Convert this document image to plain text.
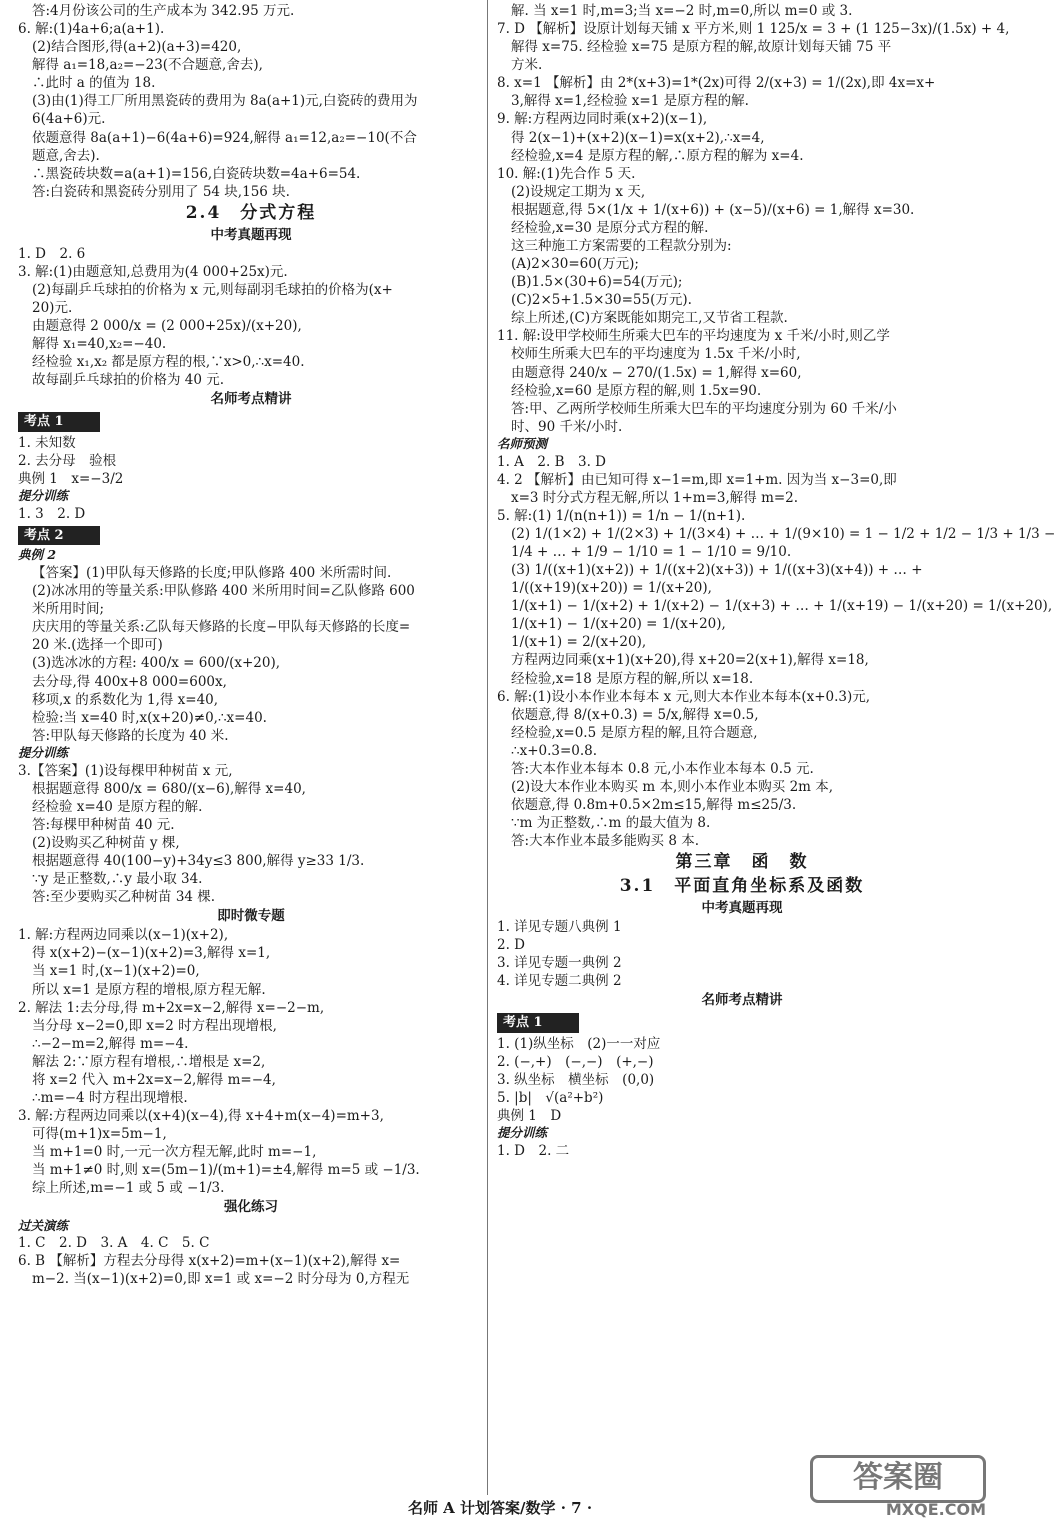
答:4月份该公司的生产成本为 342.95 万元.
6. 解:(1)4a+6;a(a+1).
(2)结合图形,得(a+2)(a+3)=420,
解得 a₁=18,a₂=−23(不合题意,舍去),
∴此时 a 的值为 18.
(3)由(1)得工厂所用黑瓷砖的费用为 8a(a+1)元,白瓷砖的费用为
6(4a+6)元.
依题意得 8a(a+1)−6(4a+6)=924,解得 a₁=12,a₂=−10(不合
题意,舍去).
∴黑瓷砖块数=a(a+1)=156,白瓷砖块数=4a+6=54.
答:白瓷砖和黑瓷砖分别用了 54 块,156 块.
2.4　分式方程
中考真题再现
1. D　2. 6
3. 解:(1)由题意知,总费用为(4 000+25x)元.
(2)每副乒乓球拍的价格为 x 元,则每副羽毛球拍的价格为(x+
20)元.
由题意得 2 000/x = (2 000+25x)/(x+20),
解得 x₁=40,x₂=−40.
经检验 x₁,x₂ 都是原方程的根,∵x>0,∴x=40.
故每副乒乓球拍的价格为 40 元.
名师考点精讲
考点 1

1. 未知数
2. 去分母　验根
典例 1　x=−3/2
提分训练
1. 3　2. D
考点 2

典例 2
【答案】(1)甲队每天修路的长度;甲队修路 400 米所需时间.
(2)冰冰用的等量关系:甲队修路 400 米所用时间=乙队修路 600
米所用时间;
庆庆用的等量关系:乙队每天修路的长度−甲队每天修路的长度=
20 米.(选择一个即可)
(3)选冰冰的方程: 400/x = 600/(x+20),
去分母,得 400x+8 000=600x,
移项,x 的系数化为 1,得 x=40,
检验:当 x=40 时,x(x+20)≠0,∴x=40.
答:甲队每天修路的长度为 40 米.
提分训练
3.【答案】(1)设每棵甲种树苗 x 元,
根据题意得 800/x = 680/(x−6),解得 x=40,
经检验 x=40 是原方程的解.
答:每棵甲种树苗 40 元.
(2)设购买乙种树苗 y 棵,
根据题意得 40(100−y)+34y≤3 800,解得 y≥33 1/3.
∵y 是正整数,∴y 最小取 34.
答:至少要购买乙种树苗 34 棵.
即时微专题
1. 解:方程两边同乘以(x−1)(x+2),
得 x(x+2)−(x−1)(x+2)=3,解得 x=1,
当 x=1 时,(x−1)(x+2)=0,
所以 x=1 是原方程的增根,原方程无解.
2. 解法 1:去分母,得 m+2x=x−2,解得 x=−2−m,
当分母 x−2=0,即 x=2 时方程出现增根,
∴−2−m=2,解得 m=−4.
解法 2:∵原方程有增根,∴增根是 x=2,
将 x=2 代入 m+2x=x−2,解得 m=−4,
∴m=−4 时方程出现增根.
3. 解:方程两边同乘以(x+4)(x−4),得 x+4+m(x−4)=m+3,
可得(m+1)x=5m−1,
当 m+1=0 时,一元一次方程无解,此时 m=−1,
当 m+1≠0 时,则 x=(5m−1)/(m+1)=±4,解得 m=5 或 −1/3.
综上所述,m=−1 或 5 或 −1/3.
强化练习
过关演练
1. C　2. D　3. A　4. C　5. C
6. B 【解析】方程去分母得 x(x+2)=m+(x−1)(x+2),解得 x=
m−2. 当(x−1)(x+2)=0,即 x=1 或 x=−2 时分母为 0,方程无
解. 当 x=1 时,m=3;当 x=−2 时,m=0,所以 m=0 或 3.
7. D 【解析】设原计划每天铺 x 平方米,则 1 125/x = 3 + (1 125−3x)/(1.5x) + 4,
解得 x=75. 经检验 x=75 是原方程的解,故原计划每天铺 75 平
方米.
8. x=1 【解析】由 2*(x+3)=1*(2x)可得 2/(x+3) = 1/(2x),即 4x=x+
3,解得 x=1,经检验 x=1 是原方程的解.
9. 解:方程两边同时乘(x+2)(x−1),
得 2(x−1)+(x+2)(x−1)=x(x+2),∴x=4,
经检验,x=4 是原方程的解,∴原方程的解为 x=4.
10. 解:(1)先合作 5 天.
(2)设规定工期为 x 天,
根据题意,得 5×(1/x + 1/(x+6)) + (x−5)/(x+6) = 1,解得 x=30.
经检验,x=30 是原分式方程的解.
这三种施工方案需要的工程款分别为:
(A)2×30=60(万元);
(B)1.5×(30+6)=54(万元);
(C)2×5+1.5×30=55(万元).
综上所述,(C)方案既能如期完工,又节省工程款.
11. 解:设甲学校师生所乘大巴车的平均速度为 x 千米/小时,则乙学
校师生所乘大巴车的平均速度为 1.5x 千米/小时,
由题意得 240/x − 270/(1.5x) = 1,解得 x=60,
经检验,x=60 是原方程的解,则 1.5x=90.
答:甲、乙两所学校师生所乘大巴车的平均速度分别为 60 千米/小
时、90 千米/小时.
名师预测
1. A　2. B　3. D
4. 2 【解析】由已知可得 x−1=m,即 x=1+m. 因为当 x−3=0,即
x=3 时分式方程无解,所以 1+m=3,解得 m=2.
5. 解:(1) 1/(n(n+1)) = 1/n − 1/(n+1).
(2) 1/(1×2) + 1/(2×3) + 1/(3×4) + … + 1/(9×10) = 1 − 1/2 + 1/2 − 1/3 + 1/3 −
1/4 + … + 1/9 − 1/10 = 1 − 1/10 = 9/10.
(3) 1/((x+1)(x+2)) + 1/((x+2)(x+3)) + 1/((x+3)(x+4)) + … +
1/((x+19)(x+20)) = 1/(x+20),
1/(x+1) − 1/(x+2) + 1/(x+2) − 1/(x+3) + … + 1/(x+19) − 1/(x+20) = 1/(x+20),
1/(x+1) − 1/(x+20) = 1/(x+20),
1/(x+1) = 2/(x+20),
方程两边同乘(x+1)(x+20),得 x+20=2(x+1),解得 x=18,
经检验,x=18 是原方程的解,所以 x=18.
6. 解:(1)设小本作业本每本 x 元,则大本作业本每本(x+0.3)元,
依题意,得 8/(x+0.3) = 5/x,解得 x=0.5,
经检验,x=0.5 是原方程的解,且符合题意,
∴x+0.3=0.8.
答:大本作业本每本 0.8 元,小本作业本每本 0.5 元.
(2)设大本作业本购买 m 本,则小本作业本购买 2m 本,
依题意,得 0.8m+0.5×2m≤15,解得 m≤25/3.
∵m 为正整数,∴m 的最大值为 8.
答:大本作业本最多能购买 8 本.
第三章　函　数
3.1　平面直角坐标系及函数
中考真题再现
1. 详见专题八典例 1
2. D
3. 详见专题一典例 2
4. 详见专题二典例 2
名师考点精讲
考点 1

1. (1)纵坐标　(2)一一对应
2. (−,+)　(−,−)　(+,−)
3. 纵坐标　横坐标　(0,0)
5. |b|　√(a²+b²)
典例 1　D
提分训练
1. D　2. 二
名师 A 计划答案/数学 · 7 ·
答案圈
MXQE.COM
